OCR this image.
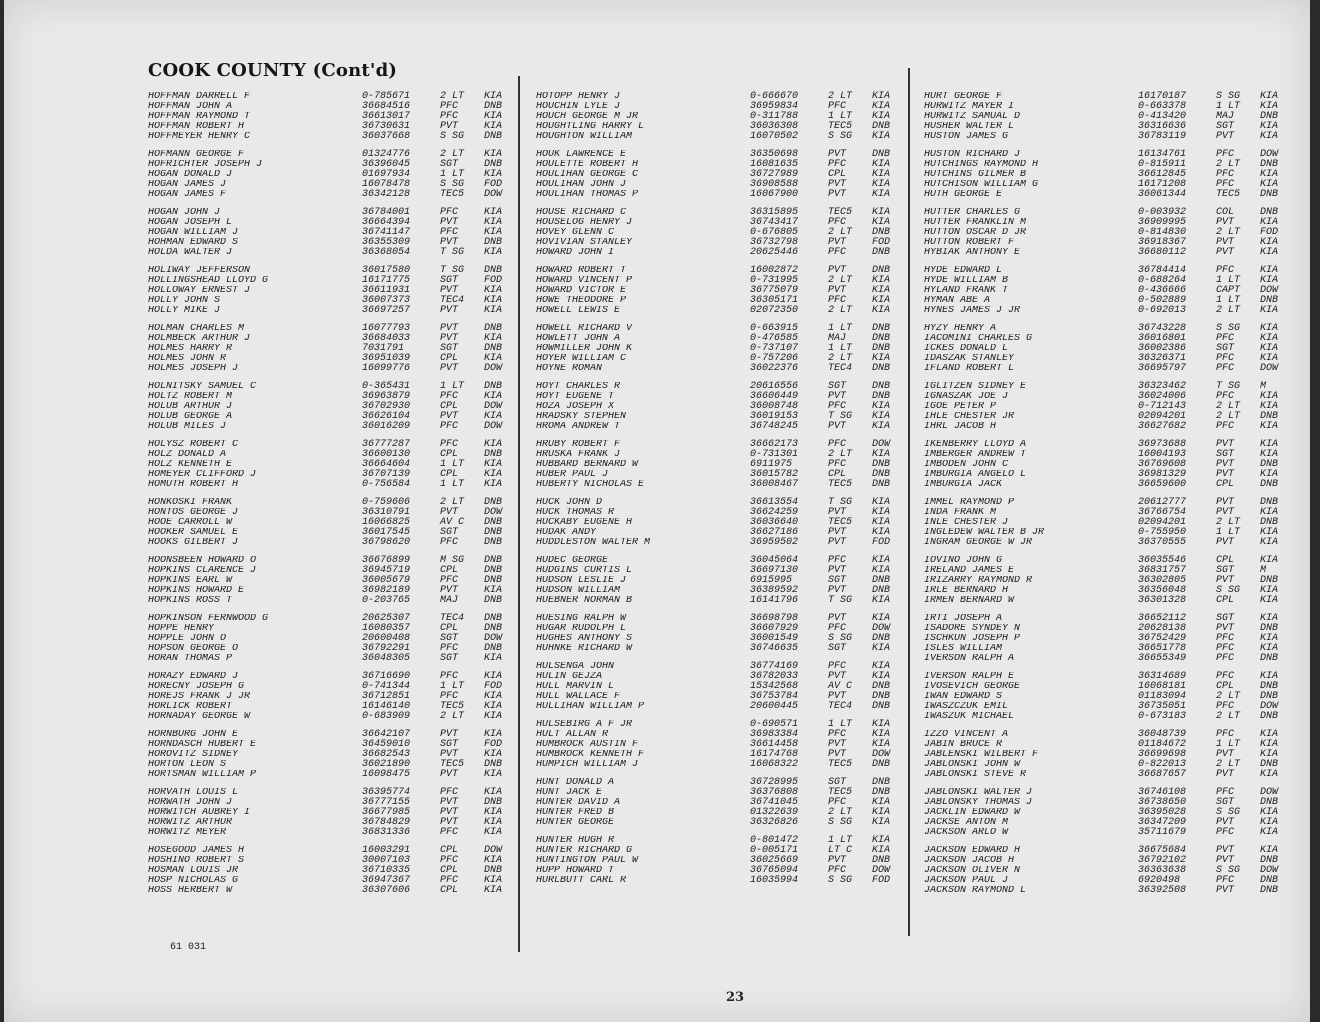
COOK COUNTY (Cont'd)
HOFFMAN DARRELL F	0-785671	2 LT	KIA
HOFFMAN JOHN A	36684516	PFC	DNB
HOFFMAN RAYMOND T	36613017	PFC	KIA
HOFFMAN ROBERT H	36730631	PVT	KIA
HOFFMEYER HENRY C	36037668	S SG	DNB
HOFMANN GEORGE F	01324776	2 LT	KIA
HOFRICHTER JOSEPH J	36396045	SGT	DNB
HOGAN DONALD J	01697934	1 LT	KIA
HOGAN JAMES J	16078478	S SG	FOD
HOGAN JAMES F	36342128	TEC5	DOW
HOGAN JOHN J	36784001	PFC	KIA
HOGAN JOSEPH L	36664394	PVT	KIA
HOGAN WILLIAM J	36741147	PFC	KIA
HOHMAN EDWARD S	36355309	PVT	DNB
HOLDA WALTER J	36368054	T SG	KIA
HOLIWAY JEFFERSON	36017580	T SG	DNB
HOLLINGSHEAD LLOYD G	16171775	SGT	FOD
HOLLOWAY ERNEST J	36611931	PVT	KIA
HOLLY JOHN S	36007373	TEC4	KIA
HOLLY MIKE J	36697257	PVT	KIA
HOLMAN CHARLES M	16077793	PVT	DNB
HOLMBECK ARTHUR J	36684033	PVT	KIA
HOLMES HARRY R	7031791	SGT	DNB
HOLMES JOHN R	36951039	CPL	KIA
HOLMES JOSEPH J	16099776	PVT	DOW
HOLNITSKY SAMUEL C	0-365431	1 LT	DNB
HOLTZ ROBERT M	36963879	PFC	KIA
HOLUB ARTHUR J	36702930	CPL	DOW
HOLUB GEORGE A	36626104	PVT	KIA
HOLUB MILES J	36016209	PFC	DOW
HOLYSZ ROBERT C	36777287	PFC	KIA
HOLZ DONALD A	36600130	CPL	DNB
HOLZ KENNETH E	36664604	1 LT	KIA
HOMEYER CLIFFORD J	36707139	CPL	KIA
HOMUTH ROBERT H	0-756584	1 LT	KIA
HONKOSKI FRANK	0-759606	2 LT	DNB
HONTOS GEORGE J	36310791	PVT	DOW
HOOE CARROLL W	16066825	AV C	DNB
HOOKER SAMUEL E	36017545	SGT	DNB
HOOKS GILBERT J	36798620	PFC	DNB
HOONSBEEN HOWARD O	36676899	M SG	DNB
HOPKINS CLARENCE J	36945719	CPL	DNB
HOPKINS EARL W	36005679	PFC	DNB
HOPKINS HOWARD E	36982189	PVT	KIA
HOPKINS ROSS T	0-203765	MAJ	DNB
HOPKINSON FERNWOOD G	20625307	TEC4	DNB
HOPPE HENRY	16080357	CPL	DNB
HOPPLE JOHN O	20600408	SGT	DOW
HOPSON GEORGE O	36792291	PFC	DNB
HORAN THOMAS P	36048305	SGT	KIA
HORAZY EDWARD J	36716690	PFC	KIA
HORECNY JOSEPH G	0-741344	1 LT	FOD
HOREJS FRANK J JR	36712851	PFC	KIA
HORLICK ROBERT	16146140	TEC5	KIA
HORNADAY GEORGE W	0-683909	2 LT	KIA
HORNBURG JOHN E	36642107	PVT	KIA
HORNDASCH HUBERT E	36459010	SGT	FOD
HOROVITZ SIDNEY	36682543	PVT	KIA
HORTON LEON S	36021890	TEC5	DNB
HORTSMAN WILLIAM P	16098475	PVT	KIA
HORVATH LOUIS L	36395774	PFC	KIA
HORWATH JOHN J	36777155	PVT	DNB
HORWITCH AUBREY I	36677985	PVT	KIA
HORWITZ ARTHUR	36784829	PVT	KIA
HORWITZ MEYER	36831336	PFC	KIA
HOSEGOOD JAMES H	16003291	CPL	DOW
HOSHINO ROBERT S	30007103	PFC	KIA
HOSMAN LOUIS JR	36710335	CPL	DNB
HOSP NICHOLAS G	36947367	PFC	KIA
HOSS HERBERT W	36307606	CPL	KIA
HOTOPP HENRY J	0-666670	2 LT	KIA
HOUCHIN LYLE J	36959834	PFC	KIA
HOUCH GEORGE M JR	0-311788	1 LT	KIA
HOUGHTLING HARRY L	36036308	TEC5	DNB
HOUGHTON WILLIAM	16070502	S SG	KIA
HOUK LAWRENCE E	36350698	PVT	DNB
HOULETTE ROBERT H	16081635	PFC	KIA
HOULIHAN GEORGE C	36727989	CPL	KIA
HOULIHAN JOHN J	36908588	PVT	KIA
HOULIHAN THOMAS P	16067900	PVT	KIA
HOUSE RICHARD C	36315895	TEC5	KIA
HOUSELOG HENRY J	36743417	PFC	KIA
HOVEY GLENN C	0-676805	2 LT	DNB
HOVIVIAN STANLEY	36732798	PVT	FOD
HOWARD JOHN I	20625446	PFC	DNB
HOWARD ROBERT T	16002872	PVT	DNB
HOWARD VINCENT P	0-731995	2 LT	KIA
HOWARD VICTOR E	36775079	PVT	KIA
HOWE THEODORE P	36305171	PFC	KIA
HOWELL LEWIS E	02072350	2 LT	KIA
HOWELL RICHARD V	0-663915	1 LT	DNB
HOWLETT JOHN A	0-476585	MAJ	DNB
HOWMILLER JOHN K	0-737107	1 LT	DNB
HOYER WILLIAM C	0-757206	2 LT	KIA
HOYNE ROMAN	36022376	TEC4	DNB
HOYT CHARLES R	20616556	SGT	DNB
HOYT EUGENE T	36606449	PVT	DNB
HOZA JOSEPH X	36008748	PFC	KIA
HRADSKY STEPHEN	36019153	T SG	KIA
HROMA ANDREW T	36748245	PVT	KIA
HRUBY ROBERT F	36662173	PFC	DOW
HRUSKA FRANK J	0-731301	2 LT	KIA
HUBBARD BERNARD W	6911975	PFC	DNB
HUBER PAUL J	36015782	CPL	DNB
HUBERTY NICHOLAS E	36008467	TEC5	DNB
HUCK JOHN D	36613554	T SG	KIA
HUCK THOMAS R	36624259	PVT	KIA
HUCKABY EUGENE H	36036640	TEC5	KIA
HUDAK ANDY	36627186	PVT	KIA
HUDDLESTON WALTER M	36959502	PVT	FOD
HUDEC GEORGE	36045064	PFC	KIA
HUDGINS CURTIS L	36697130	PVT	KIA
HUDSON LESLIE J	6915995	SGT	DNB
HUDSON WILLIAM	36389592	PVT	DNB
HUEBNER NORMAN B	16141796	T SG	KIA
HUESING RALPH W	36698798	PVT	KIA
HUGAR RUDOLPH L	36607929	PFC	DOW
HUGHES ANTHONY S	36001549	S SG	DNB
HUHNKE RICHARD W	36746635	SGT	KIA
HULSENGA JOHN	36774169	PFC	KIA
HULIN GEJZA	36782033	PVT	KIA
HULL MARVIN L	15342568	AV C	DNB
HULL WALLACE F	36753784	PVT	DNB
HULLIHAN WILLIAM P	20600445	TEC4	DNB
HULSEBIRG A F JR	0-690571	1 LT	KIA
HULT ALLAN R	36983384	PFC	KIA
HUMBROCK AUSTIN F	36614458	PVT	KIA
HUMBROCK KENNETH F	16174768	PVT	DOW
HUMPICH WILLIAM J	16068322	TEC5	DNB
HUNT DONALD A	36728995	SGT	DNB
HUNT JACK E	36376808	TEC5	DNB
HUNTER DAVID A	36741045	PFC	KIA
HUNTER FRED B	01322639	2 LT	KIA
HUNTER GEORGE	36326826	S SG	KIA
HUNTER HUGH R	0-801472	1 LT	KIA
HUNTER RICHARD G	0-005171	LT C	KIA
HUNTINGTON PAUL W	36025669	PVT	DNB
HUPP HOWARD T	36765094	PFC	DOW
HURLBUTT CARL R	16035994	S SG	FOD
HURT GEORGE F	16170187	S SG	KIA
HURWITZ MAYER I	0-663378	1 LT	KIA
HURWITZ SAMUAL D	0-413420	MAJ	DNB
HUSHER WALTER L	36316636	SGT	KIA
HUSTON JAMES G	36783119	PVT	KIA
HUSTON RICHARD J	16134761	PFC	DOW
HUTCHINGS RAYMOND H	0-815911	2 LT	DNB
HUTCHINS GILMER B	36612845	PFC	KIA
HUTCHISON WILLIAM G	16171208	PFC	KIA
HUTH GEORGE E	36061344	TEC5	DNB
HUTTER CHARLES G	0-003932	COL	DNB
HUTTER FRANKLIN M	36909995	PVT	KIA
HUTTON OSCAR D JR	0-814830	2 LT	FOD
HUTTON ROBERT F	36918367	PVT	KIA
HYBIAK ANTHONY E	36680112	PVT	KIA
HYDE EDWARD L	36784414	PFC	KIA
HYDE WILLIAM B	0-688264	1 LT	KIA
HYLAND FRANK T	0-436666	CAPT	DOW
HYMAN ABE A	0-502889	1 LT	DNB
HYNES JAMES J JR	0-692013	2 LT	KIA
HYZY HENRY A	36743228	S SG	KIA
IACOMINI CHARLES G	36016801	PFC	KIA
ICKES DONALD L	36002386	SGT	KIA
IDASZAK STANLEY	36326371	PFC	KIA
IFLAND ROBERT L	36695797	PFC	DOW
IGLITZEN SIDNEY E	36323462	T SG	M
IGNASZAK JOE J	36024006	PFC	KIA
IGOE PETER P	0-712143	2 LT	KIA
IHLE CHESTER JR	02094201	2 LT	DNB
IHRL JACOB H	36627682	PFC	KIA
IKENBERRY LLOYD A	36973688	PVT	KIA
IMBERGER ANDREW T	16004193	SGT	KIA
IMBODEN JOHN C	36769608	PVT	DNB
IMBURGIA ANGELO L	36981329	PVT	KIA
IMBURGIA JACK	36659600	CPL	DNB
IMMEL RAYMOND P	20612777	PVT	DNB
INDA FRANK M	36766754	PVT	KIA
INLE CHESTER J	02094201	2 LT	DNB
INGLEDEW WALTER B JR	0-755950	1 LT	KIA
INGRAM GEORGE W JR	36370555	PVT	KIA
IOVINO JOHN G	36035546	CPL	KIA
IRELAND JAMES E	36831757	SGT	M
IRIZARRY RAYMOND R	36302805	PVT	DNB
IRLE BERNARD H	36356048	S SG	KIA
IRMEN BERNARD W	36301328	CPL	KIA
IRTI JOSEPH A	36652112	SGT	KIA
ISADORE SYNDEY N	20628138	PVT	DNB
ISCHKUN JOSEPH P	36752429	PFC	KIA
ISLES WILLIAM	36651778	PFC	KIA
IVERSON RALPH A	36655349	PFC	DNB
IVERSON RALPH E	36314689	PFC	KIA
IVOSEVICH GEORGE	16068181	CPL	DNB
IWAN EDWARD S	01183094	2 LT	DNB
IWASZCZUK EMIL	36735051	PFC	DOW
IWASZUK MICHAEL	0-673183	2 LT	DNB
IZZO VINCENT A	36048739	PFC	KIA
JABIN BRUCE R	01184672	1 LT	KIA
JABLENSKI WILBERT F	36699698	PVT	KIA
JABLONSKI JOHN W	0-822013	2 LT	DNB
JABLONSKI STEVE R	36687657	PVT	KIA
JABLONSKI WALTER J	36746108	PFC	DOW
JABLONSKY THOMAS J	36738650	SGT	DNB
JACKLIN EDWARD W	36395028	S SG	KIA
JACKSE ANTON M	36347209	PVT	KIA
JACKSON ARLO W	35711679	PFC	KIA
JACKSON EDWARD H	36675684	PVT	KIA
JACKSON JACOB H	36792102	PVT	DNB
JACKSON OLIVER N	36363638	S SG	DOW
JACKSON PAUL J	6920498	PFC	DNB
JACKSON RAYMOND L	36392508	PVT	DNB
61 031
23
